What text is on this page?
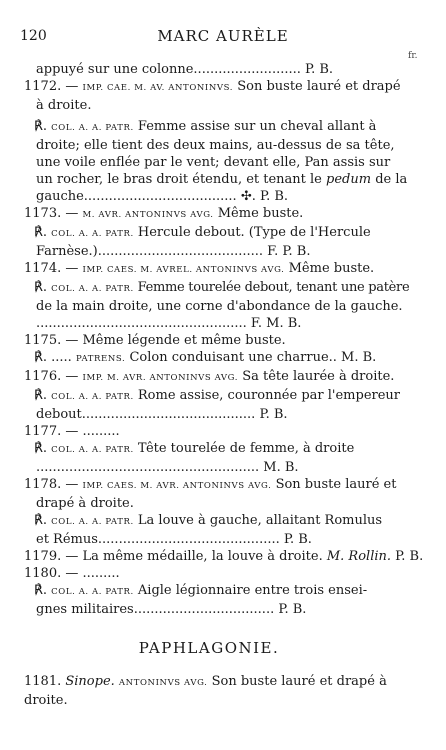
120	MARC AURÈLE
fr.
appuyé sur une colonne.......................... P. B.
1172. — IMP. CAE. M. AV. ANTONINVS. Son buste lauré et drapé
à droite.
℟. COL. A. A. PATR. Femme assise sur un cheval allant à
droite; elle tient des deux mains, au-dessus de sa tête,
une voile enflée par le vent; devant elle, Pan assis sur
un rocher, le bras droit étendu, et tenant le pedum de la
gauche..................................... ✣. P. B.
1173. — M. AVR. ANTONINVS AVG. Même buste.
℟. COL. A. A. PATR. Hercule debout. (Type de l'Hercule
Farnèse.)........................................ F. P. B.
1174. — IMP. CAES. M. AVREL. ANTONINVS AVG. Même buste.
℟. COL. A. A. PATR. Femme tourelée debout, tenant une patère
de la main droite, une corne d'abondance de la gauche.
................................................... F. M. B.
1175. — Même légende et même buste.
℟. ..... PATRENS. Colon conduisant une charrue.. M. B.
1176. — IMP. M. AVR. ANTONINVS AVG. Sa tête laurée à droite.
℟. COL. A. A. PATR. Rome assise, couronnée par l'empereur
debout.......................................... P. B.
1177. — .........
℟. COL. A. A. PATR. Tête tourelée de femme, à droite
...................................................... M. B.
1178. — IMP. CAES. M. AVR. ANTONINVS AVG. Son buste lauré et
drapé à droite.
℟. COL. A. A. PATR. La louve à gauche, allaitant Romulus
et Rémus............................................ P. B.
1179. — La même médaille, la louve à droite. M. Rollin. P. B.
1180. — .........
℟. COL. A. A. PATR. Aigle légionnaire entre trois ensei-
gnes militaires.................................. P. B.
PAPHLAGONIE.
1181. Sinope. ANTONINVS AVG. Son buste lauré et drapé à
droite.
